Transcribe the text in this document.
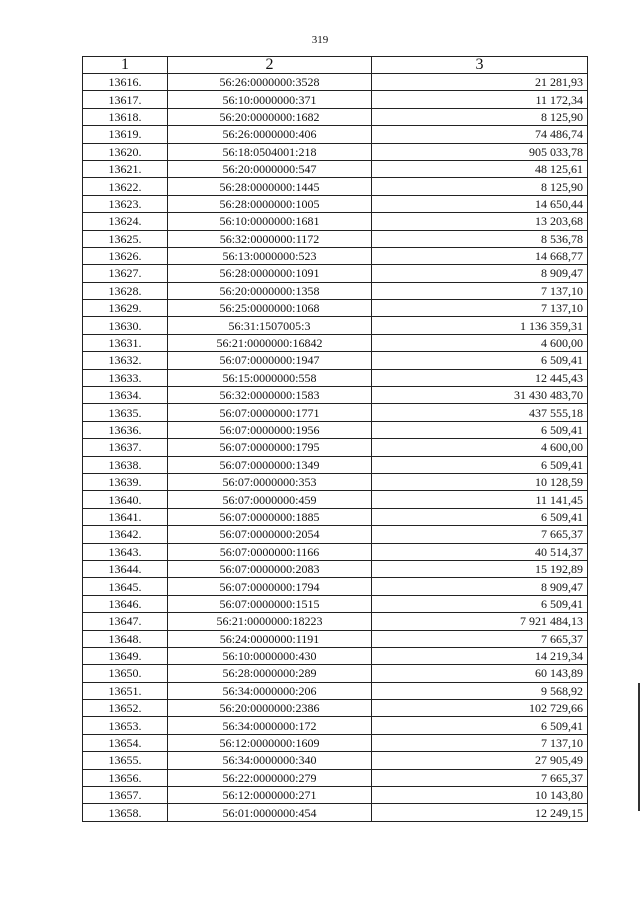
319
1	2	3
13616.	56:26:0000000:3528	21 281,93
13617.	56:10:0000000:371	11 172,34
13618.	56:20:0000000:1682	8 125,90
13619.	56:26:0000000:406	74 486,74
13620.	56:18:0504001:218	905 033,78
13621.	56:20:0000000:547	48 125,61
13622.	56:28:0000000:1445	8 125,90
13623.	56:28:0000000:1005	14 650,44
13624.	56:10:0000000:1681	13 203,68
13625.	56:32:0000000:1172	8 536,78
13626.	56:13:0000000:523	14 668,77
13627.	56:28:0000000:1091	8 909,47
13628.	56:20:0000000:1358	7 137,10
13629.	56:25:0000000:1068	7 137,10
13630.	56:31:1507005:3	1 136 359,31
13631.	56:21:0000000:16842	4 600,00
13632.	56:07:0000000:1947	6 509,41
13633.	56:15:0000000:558	12 445,43
13634.	56:32:0000000:1583	31 430 483,70
13635.	56:07:0000000:1771	437 555,18
13636.	56:07:0000000:1956	6 509,41
13637.	56:07:0000000:1795	4 600,00
13638.	56:07:0000000:1349	6 509,41
13639.	56:07:0000000:353	10 128,59
13640.	56:07:0000000:459	11 141,45
13641.	56:07:0000000:1885	6 509,41
13642.	56:07:0000000:2054	7 665,37
13643.	56:07:0000000:1166	40 514,37
13644.	56:07:0000000:2083	15 192,89
13645.	56:07:0000000:1794	8 909,47
13646.	56:07:0000000:1515	6 509,41
13647.	56:21:0000000:18223	7 921 484,13
13648.	56:24:0000000:1191	7 665,37
13649.	56:10:0000000:430	14 219,34
13650.	56:28:0000000:289	60 143,89
13651.	56:34:0000000:206	9 568,92
13652.	56:20:0000000:2386	102 729,66
13653.	56:34:0000000:172	6 509,41
13654.	56:12:0000000:1609	7 137,10
13655.	56:34:0000000:340	27 905,49
13656.	56:22:0000000:279	7 665,37
13657.	56:12:0000000:271	10 143,80
13658.	56:01:0000000:454	12 249,15
